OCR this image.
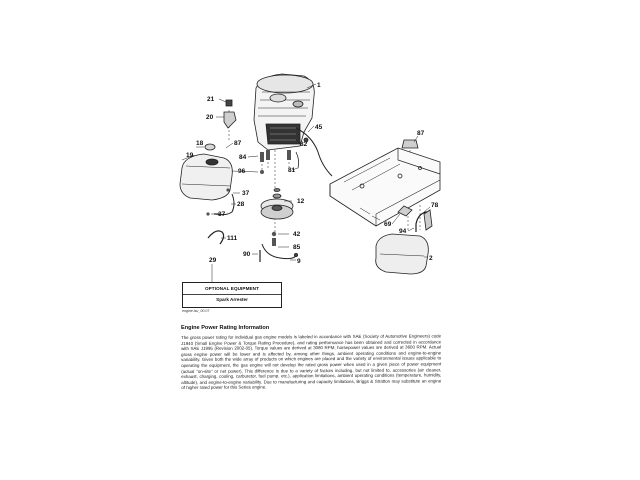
1
21
20
45
82
18
19
87
84
96	81
37
28
37
12
111
42
85
90
9
29
87
78
69
94
2
OPTIONAL EQUIPMENT
Spark Arrester
engine.lsu_00.07
Engine Power Rating Information
The gross power rating for individual gas engine models is labeled in accordance with SAE (Society of Automotive Engineers) code J1940 (Small Engine Power & Torque Rating Procedure), and rating performance has been obtained and corrected in accordance with SAE J1995 (Revision 2002-05). Torque values are derived at 3060 RPM; horsepower values are derived at 3600 RPM. Actual gross engine power will be lower and is affected by, among other things, ambient operating conditions and engine-to-engine variability. Given both the wide array of products on which engines are placed and the variety of environmental issues applicable to operating the equipment, the gas engine will not develop the rated gross power when used in a given piece of power equipment (actual "on-site" or net power). This difference is due to a variety of factors including, but not limited to, accessories (air cleaner, exhaust, charging, cooling, carburetor, fuel pump, etc.), application limitations, ambient operating conditions (temperature, humidity, altitude), and engine-to-engine variability. Due to manufacturing and capacity limitations, Briggs & Stratton may substitute an engine of higher rated power for this Series engine.
